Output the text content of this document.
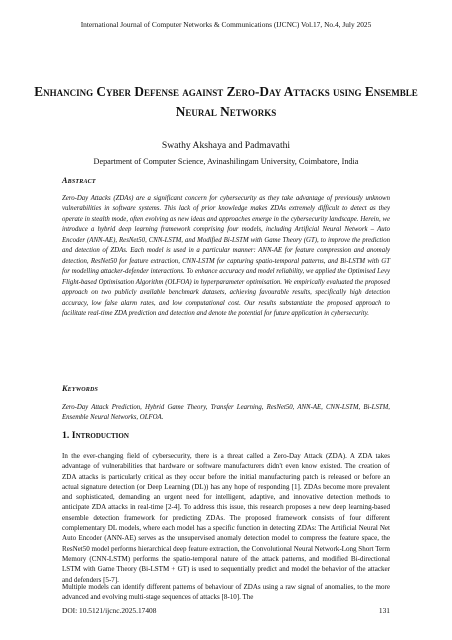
International Journal of Computer Networks & Communications (IJCNC) Vol.17, No.4, July 2025
Enhancing Cyber Defense against Zero-Day Attacks using Ensemble Neural Networks
Swathy Akshaya and Padmavathi
Department of Computer Science, Avinashilingam University, Coimbatore, India
Abstract

Zero-Day Attacks (ZDAs) are a significant concern for cybersecurity as they take advantage of previously unknown vulnerabilities in software systems. This lack of prior knowledge makes ZDAs extremely difficult to detect as they operate in stealth mode, often evolving as new ideas and approaches emerge in the cybersecurity landscape. Herein, we introduce a hybrid deep learning framework comprising four models, including Artificial Neural Network – Auto Encoder (ANN-AE), ResNet50, CNN-LSTM, and Modified Bi-LSTM with Game Theory (GT), to improve the prediction and detection of ZDAs. Each model is used in a particular manner: ANN-AE for feature compression and anomaly detection, ResNet50 for feature extraction, CNN-LSTM for capturing spatio-temporal patterns, and Bi-LSTM with GT for modelling attacker-defender interactions. To enhance accuracy and model reliability, we applied the Optimised Levy Flight-based Optimisation Algorithm (OLFOA) in hyperparameter optimisation. We empirically evaluated the proposed approach on two publicly available benchmark datasets, achieving favourable results, specifically high detection accuracy, low false alarm rates, and low computational cost. Our results substantiate the proposed approach to facilitate real-time ZDA prediction and detection and denote the potential for future application in cybersecurity.

Keywords

Zero-Day Attack Prediction, Hybrid Game Theory, Transfer Learning, ResNet50, ANN-AE, CNN-LSTM, Bi-LSTM, Ensemble Neural Networks, OLFOA.

1. Introduction

In the ever-changing field of cybersecurity, there is a threat called a Zero-Day Attack (ZDA). A ZDA takes advantage of vulnerabilities that hardware or software manufacturers didn't even know existed. The creation of ZDA attacks is particularly critical as they occur before the initial manufacturing patch is released or before an actual signature detection (or Deep Learning (DL)) has any hope of responding [1]. ZDAs become more prevalent and sophisticated, demanding an urgent need for intelligent, adaptive, and innovative detection methods to anticipate ZDA attacks in real-time [2-4]. To address this issue, this research proposes a new deep learning-based ensemble detection framework for predicting ZDAs. The proposed framework consists of four different complementary DL models, where each model has a specific function in detecting ZDAs: The Artificial Neural Net Auto Encoder (ANN-AE) serves as the unsupervised anomaly detection model to compress the feature space, the ResNet50 model performs hierarchical deep feature extraction, the Convolutional Neural Network-Long Short Term Memory (CNN-LSTM) performs the spatio-temporal nature of the attack patterns, and modified Bi-directional LSTM with Game Theory (Bi-LSTM + GT) is used to sequentially predict and model the behavior of the attacker and defenders [5-7].

Multiple models can identify different patterns of behaviour of ZDAs using a raw signal of anomalies, to the more advanced and evolving multi-stage sequences of attacks [8-10]. The

DOI: 10.5121/ijcnc.2025.17408	131
